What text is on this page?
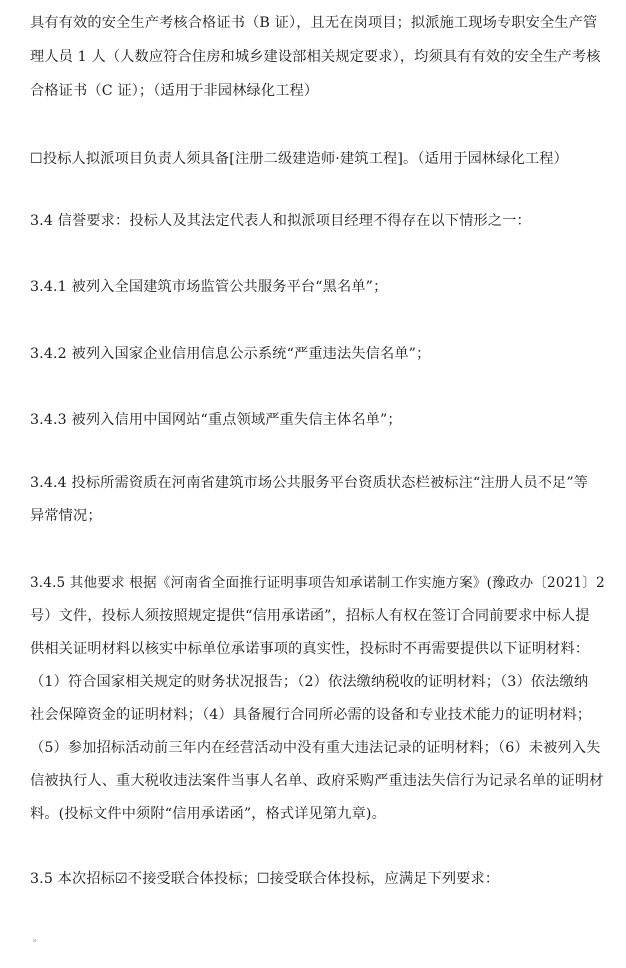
具有有效的安全生产考核合格证书（B 证），且无在岗项目；拟派施工现场专职安全生产管
理人员 1 人（人数应符合住房和城乡建设部相关规定要求），均须具有有效的安全生产考核
合格证书（C 证）；（适用于非园林绿化工程）
☐投标人拟派项目负责人须具备[注册二级建造师·建筑工程]。（适用于园林绿化工程）
3.4 信誉要求：投标人及其法定代表人和拟派项目经理不得存在以下情形之一：
3.4.1 被列入全国建筑市场监管公共服务平台“黑名单”；
3.4.2 被列入国家企业信用信息公示系统“严重违法失信名单”；
3.4.3 被列入信用中国网站“重点领域严重失信主体名单”；
3.4.4 投标所需资质在河南省建筑市场公共服务平台资质状态栏被标注“注册人员不足”等
异常情况；
3.4.5 其他要求 根据《河南省全面推行证明事项告知承诺制工作实施方案》(豫政办〔2021〕2
号）文件，投标人须按照规定提供“信用承诺函”，招标人有权在签订合同前要求中标人提
供相关证明材料以核实中标单位承诺事项的真实性，投标时不再需要提供以下证明材料：
（1）符合国家相关规定的财务状况报告；（2）依法缴纳税收的证明材料；（3）依法缴纳
社会保障资金的证明材料；（4）具备履行合同所必需的设备和专业技术能力的证明材料；
（5）参加招标活动前三年内在经营活动中没有重大违法记录的证明材料；（6）未被列入失
信被执行人、重大税收违法案件当事人名单、政府采购严重违法失信行为记录名单的证明材
料。(投标文件中须附“信用承诺函”，格式详见第九章)。
3.5 本次招标☑不接受联合体投标；☐接受联合体投标，应满足下列要求：
»
